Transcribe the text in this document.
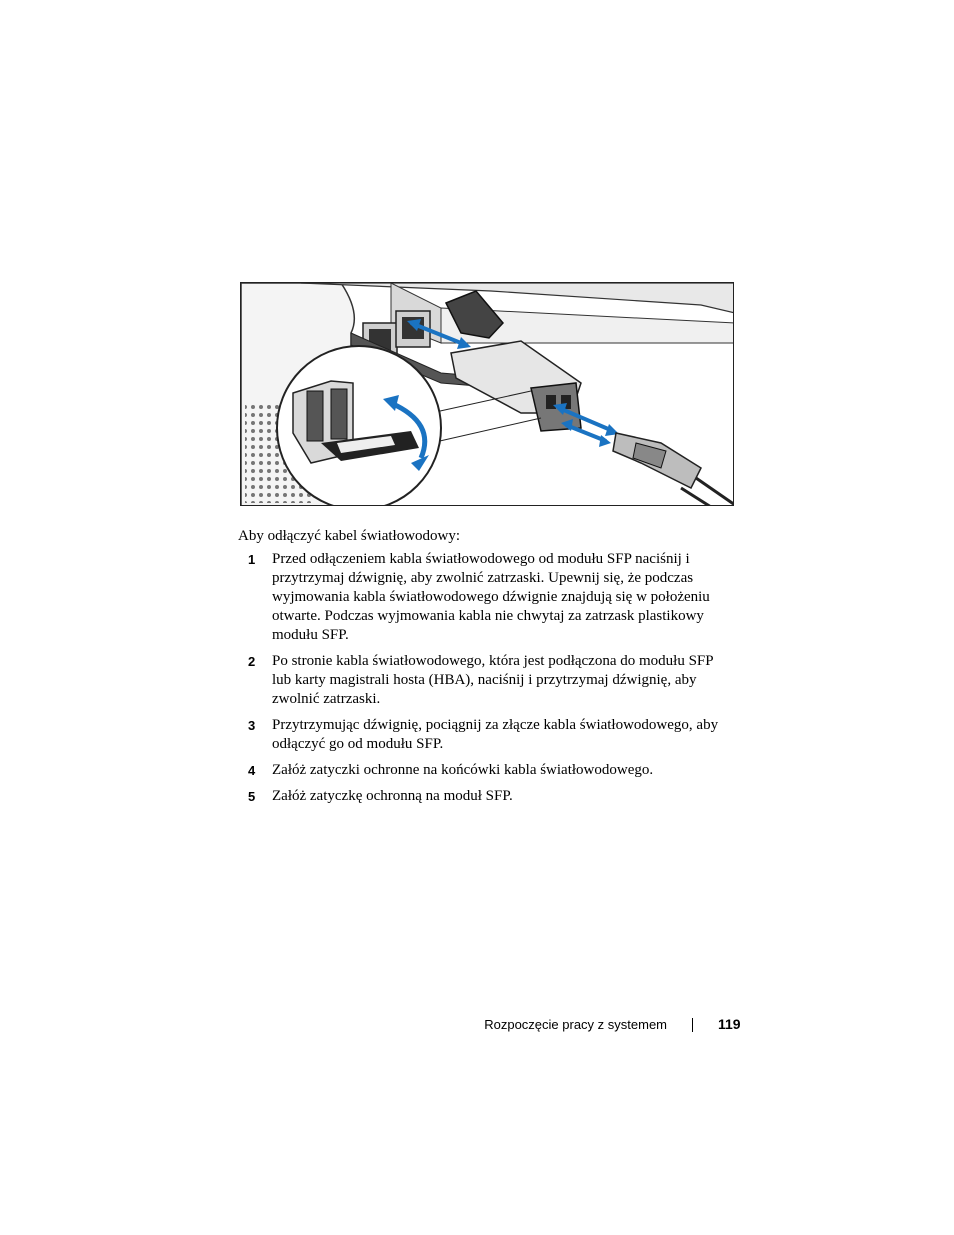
Aby odłączyć kabel światłowodowy:

1 Przed odłączeniem kabla światłowodowego od modułu SFP naciśnij i
przytrzymaj dźwignię, aby zwolnić zatrzaski. Upewnij się, że podczas
wyjmowania kabla światłowodowego dźwignie znajdują się w położeniu
otwarte. Podczas wyjmowania kabla nie chwytaj za zatrzask plastikowy
modułu SFP.
2 Po stronie kabla światłowodowego, która jest podłączona do modułu SFP
lub karty magistrali hosta (HBA), naciśnij i przytrzymaj dźwignię, aby
zwolnić zatrzaski.
3 Przytrzymując dźwignię, pociągnij za złącze kabla światłowodowego, aby
odłączyć go od modułu SFP.
4 Załóż zatyczki ochronne na końcówki kabla światłowodowego.
5 Załóż zatyczkę ochronną na moduł SFP.
Rozpoczęcie pracy z systemem	119
